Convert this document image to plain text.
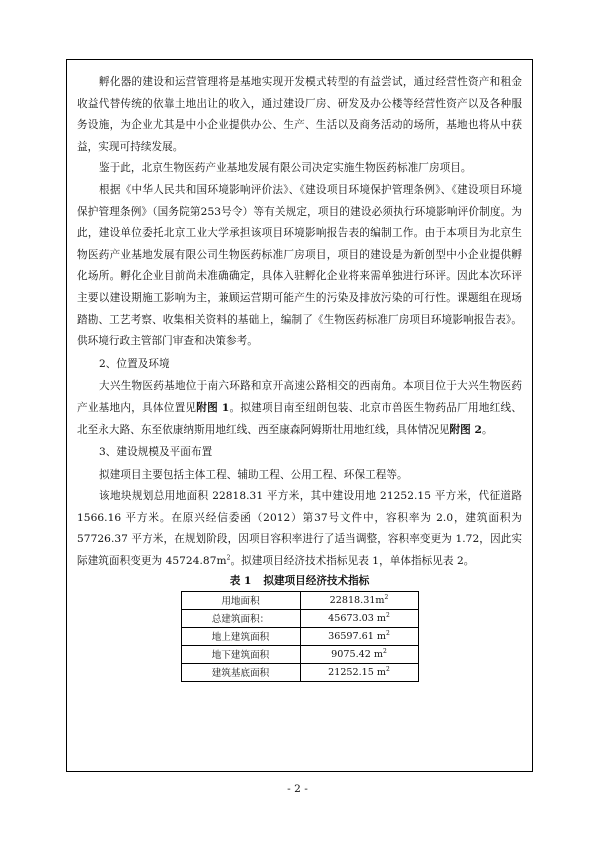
孵化器的建设和运营管理将是基地实现开发模式转型的有益尝试，通过经营性资产和租金收益代替传统的依靠土地出让的收入，通过建设厂房、研发及办公楼等经营性资产以及各种服务设施，为企业尤其是中小企业提供办公、生产、生活以及商务活动的场所，基地也将从中获益，实现可持续发展。

鉴于此，北京生物医药产业基地发展有限公司决定实施生物医药标准厂房项目。

根据《中华人民共和国环境影响评价法》、《建设项目环境保护管理条例》、《建设项目环境保护管理条例》（国务院第253号令）等有关规定，项目的建设必须执行环境影响评价制度。为此，建设单位委托北京工业大学承担该项目环境影响报告表的编制工作。由于本项目为北京生物医药产业基地发展有限公司生物医药标准厂房项目，项目的建设是为新创型中小企业提供孵化场所。孵化企业目前尚未准确确定，具体入驻孵化企业将来需单独进行环评。因此本次环评主要以建设期施工影响为主，兼顾运营期可能产生的污染及排放污染的可行性。课题组在现场踏勘、工艺考察、收集相关资料的基础上，编制了《生物医药标准厂房项目环境影响报告表》。供环境行政主管部门审查和决策参考。

2、位置及环境

大兴生物医药基地位于南六环路和京开高速公路相交的西南角。本项目位于大兴生物医药产业基地内，具体位置见附图 1。拟建项目南至纽朗包装、北京市兽医生物药品厂用地红线、北至永大路、东至依康纳斯用地红线、西至康森阿姆斯壮用地红线，具体情况见附图 2。

3、建设规模及平面布置

拟建项目主要包括主体工程、辅助工程、公用工程、环保工程等。

该地块规划总用地面积 22818.31 平方米，其中建设用地 21252.15 平方米，代征道路 1566.16 平方米。在原兴经信委函（2012）第37号文件中，容积率为 2.0，建筑面积为 57726.37 平方米，在规划阶段，因项目容积率进行了适当调整，容积率变更为 1.72，因此实际建筑面积变更为 $45724.87m^2$。拟建项目经济技术指标见表 1，单体指标见表 2。

表 1 拟建项目经济技术指标
用地面积	$22818.31m^2$
总建筑面积：	45673.03 $m^2$
地上建筑面积	36597.61 $m^2$
地下建筑面积	9075.42 $m^2$
建筑基底面积	21252.15 $m^2$
- 2 -
